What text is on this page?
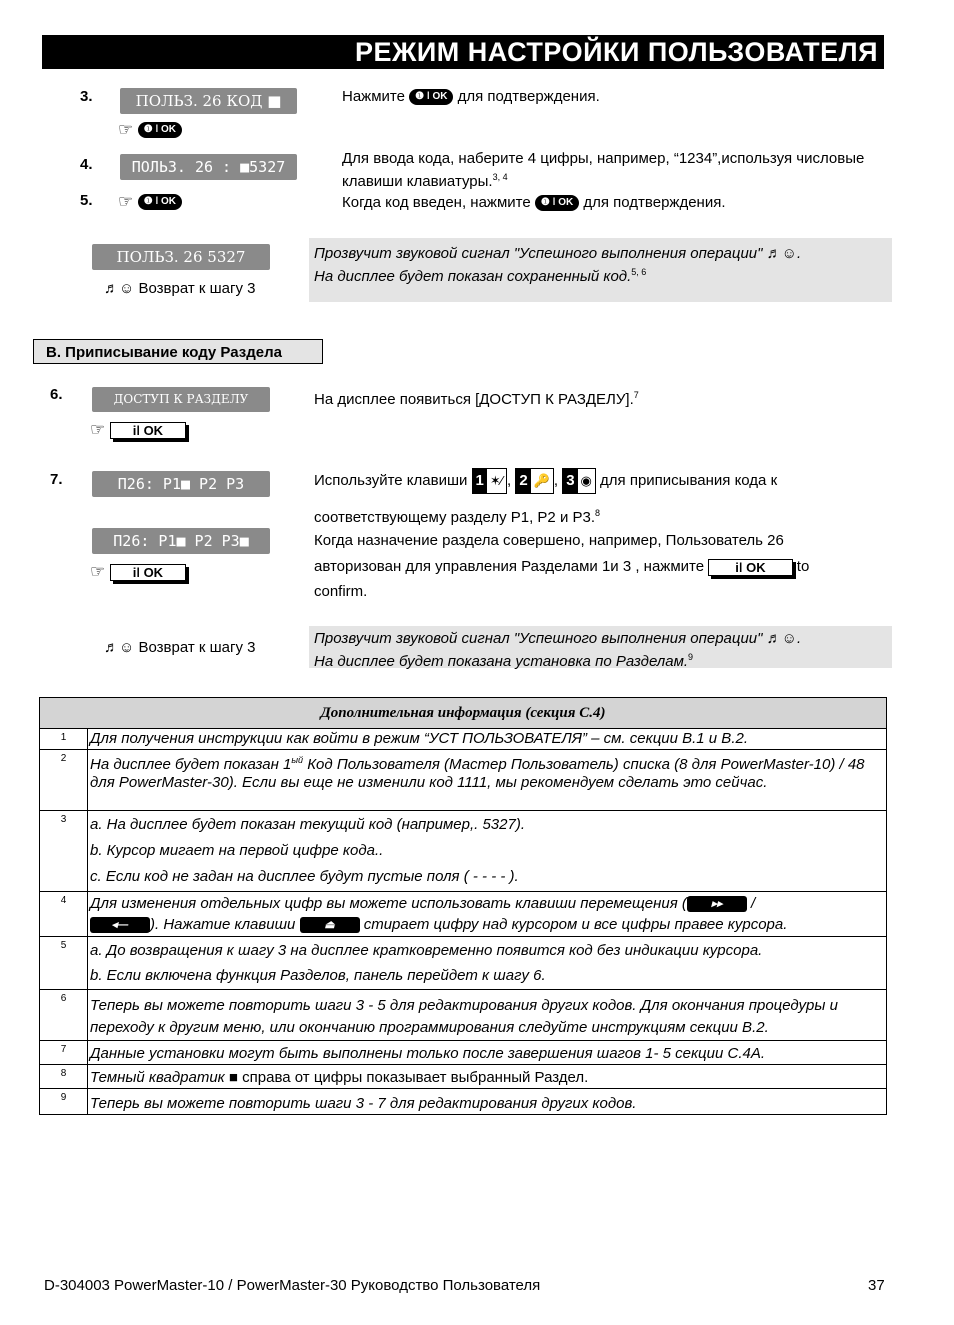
РЕЖИМ НАСТРОЙКИ ПОЛЬЗОВАТЕЛЯ
3.	ПОЛЬЗ. 26 КОД ■
☞ ❶ ǀ OK
Нажмите ❶ ǀ OK для подтверждения.
4.	ПОЛЬЗ. 26 : ■5327	Для ввода кода, наберите 4 цифры, например, “1234”,используя числовые клавиши клавиатуры.$^{3, 4}$
5. ☞ ❶ ǀ OK	Когда код введен, нажмите ❶ ǀ OK для подтверждения.
ПОЛЬЗ. 26 5327
♬☺ Возврат к шагу 3
Прозвучит звуковой сигнал "Успешного выполнения операции" ♬☺.
На дисплее будет показан сохраненный код.$^{5, 6}$
B. Приписывание коду Раздела
6.	ДОСТУП К РАЗДЕЛУ
☞ iǀ OK
На дисплее появиться [ДОСТУП К РАЗДЕЛУ].$^7$
7.	П26: Р1■ Р2 Р3
П26: Р1■ Р2 Р3■
☞ iǀ OK
Используйте клавиши 1 ✶⁄ , 2 🔑 , 3 ◉ для приписывания кода к
соответствующему разделу Р1, Р2 и Р3.$^8$
Когда назначение раздела совершено, например, Пользователь 26
авторизован для управления Разделами 1и 3 , нажмите iǀ OK to
confirm.
♬☺ Возврат к шагу 3
Прозвучит звуковой сигнал "Успешного выполнения операции" ♬☺.
На дисплее будет показана установка по Разделам.$^9$
Дополнительная информация (секция С.4)	
1	Для получения инструкции как войти в режим “УСТ ПОЛЬЗОВАТЕЛЯ” – см. секции B.1 и B.2.
2	На дисплее будет показан $1^{ый}$ Код Пользователя (Мастер Пользователь) списка (8 для PowerMaster-10) / 48 для PowerMaster-30). Если вы еще не изменили код 1111, мы рекомендуем сделать это сейчас.
3	a. На дисплее будет показан текущий код (например,. 5327).
b. Курсор мигает на первой цифре кода..
c. Если код не задан на дисплее будут пустые поля ( - - - - ).

4	Для изменения отдельных цифр вы можете использовать клавиши перемещения ( ▸▸ /
◂— ). Нажатие клавиши ⏏ стирает цифру над курсором и все цифры правее курсора.
5	a. До возвращения к шагу 3 на дисплее кратковременно появится код без индикации курсора.
b. Если включена функция Разделов, панель перейдет к шагу 6.

6	Теперь вы можете повторить шаги 3 - 5 для редактирования других кодов. Для окончания процедуры и переходу к другим меню, или окончанию программирования следуйте инструкциям секции B.2.
7	Данные установки могут быть выполнены только после завершения шагов 1- 5 секции С.4А.
8	Темный квадратик ■ справа от цифры показывает выбранный Раздел.
9	Теперь вы можете повторить шаги 3 - 7 для редактирования других кодов.
D-304003 PowerMaster-10 / PowerMaster-30 Руководство Пользователя	37
